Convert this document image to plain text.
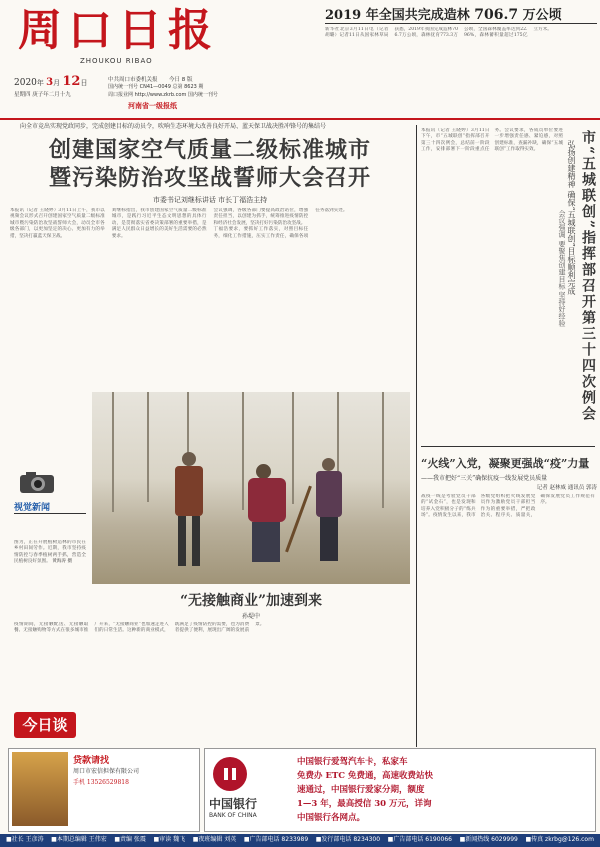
周口日报
ZHOUKOU RIBAO
2020年 3月 12日
星期四 庚子年二月十九
中共周口市委机关报 今日 8 版
国内统一刊号 CN41—0049 总第 8623 期
周口报业网 http://www.zkrb.com 国内统一刊号
河南省一级报纸
2019 年全国共完成造林 706.7 万公顷

新华社北京3月11日电（记者胡璐）记者11日从国家林草局获悉，2019年我国完成造林706.7万公顷，森林抚育773.3万公顷，全国森林覆盖率达到22.96%，森林蓄积量超过175亿立方米。

向全市竞出实现党政同步，完成创建目标的动员令，吹响生态环境大改善良好开局、蓝天保卫战决胜冲锋号的集结号
创建国家空气质量二级标准城市
暨污染防治攻坚战誓师大会召开
市委书记刘继标讲话 市长丁福浩主持

本报讯（记者 王晓婷）3月11日上午，我市以视频会议形式召开创建国家空气质量二级标准城市暨污染防治攻坚战誓师大会，动员全市各级各部门，以更加坚定的决心、更加有力的举措，坚决打赢蓝天保卫战。

刘继标指出，我市创建国家空气质量二级标准城市，是践行习近平生态文明思想的具体行动，是贯彻落实省委决策部署的重要举措，是满足人民群众日益增长的美好生活需要的必然要求。

会议强调，各级各部门要提高政治站位，增强责任担当，以创建为抓手，统筹推进疫情防控和经济社会发展，坚决打好污染防治攻坚战。

丁福浩要求，要抓好工作落实，对照目标任务，细化工作措施，压实工作责任，确保各项任务落到实处。

视觉新闻
图为，正在开展植树造林的市民在乡村田间劳作。近期，我市坚持疫情防控与春季植树两手抓，营造全民植树良好氛围。 黄海涛 摄
“无接触商业”加速到来
孙堤中

疫情期间，无接触配送、无接触取餐、无接触购物等方式在很多城市推广开来，“无接触商业”也加速走进人们的日常生活。这种新的商业模式，既满足了疫情防控的需要，也为消费者提供了便利，展现出广阔的发展前景。

今日谈

本报讯（记者 王晓婷）3月11日下午，市“五城联创”指挥部召开第三十四次例会，总结前一阶段工作，安排部署下一阶段重点任务。会议要求，各成员单位要进一步增强责任感、紧迫感，对照创建标准，查漏补缺，确保“五城联创”工作取得实效。	市“五城联创”指挥部召开第三十四次例会
弘扬创建精神 确保“五城联创”目标顺利完成
会议强调 要聚焦创建目标 坚持好经验
“火线”入党，凝聚更强战“疫”力量
——我市把好“三关”确保抗疫一线发展党员质量
记者 赵林威 通讯员 郭涛

战疫一线是考验党员干部的“试金石”，也是发现和培养入党积极分子的“练兵场”。疫情发生以来，我市各级党组织把火线发展党员作为激励党员干部担当作为的重要举措，严把政治关、程序关、质量关，确保发展党员工作规范有序。

贷款请找
周口市宏信担保有限公司
手机 13526529818
中国银行
BANK OF CHINA
中国银行爱驾汽车卡，私家车
免费办 ETC 免费通，高速收费站快
速通过，中国银行爱家分期，额度
1—3 年，最高授信 30 万元，详询
中国银行各网点。
■社长 王彦涛 ■本期总编辑 王伟宏 ■责编 张震 ■审读 魏飞 ■夜班编辑 刘英 ■广告部电话 8233989 ■发行部电话 8234300 ■广告部电话 6190066 ■新闻热线 6029999 ■传真 zkrbg@126.com
